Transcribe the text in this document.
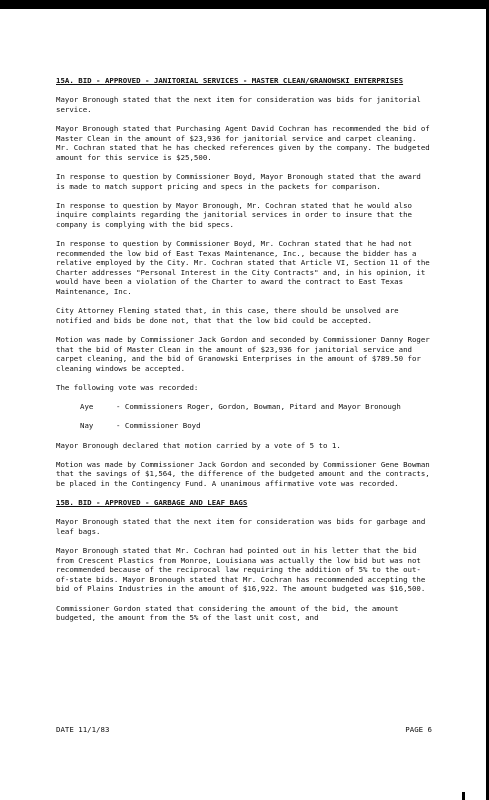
15A. BID - APPROVED - JANITORIAL SERVICES - MASTER CLEAN/GRANOWSKI ENTERPRISES

Mayor Bronough stated that the next item for consideration was bids for janitorial service.

Mayor Bronough stated that Purchasing Agent David Cochran has recommended the bid of Master Clean in the amount of $23,936 for janitorial service and carpet cleaning. Mr. Cochran stated that he has checked references given by the company. The budgeted amount for this service is $25,500.

In response to question by Commissioner Boyd, Mayor Bronough stated that the award is made to match support pricing and specs in the packets for comparison.

In response to question by Mayor Bronough, Mr. Cochran stated that he would also inquire complaints regarding the janitorial services in order to insure that the company is complying with the bid specs.

In response to question by Commissioner Boyd, Mr. Cochran stated that he had not recommended the low bid of East Texas Maintenance, Inc., because the bidder has a relative employed by the City. Mr. Cochran stated that Article VI, Section 11 of the Charter addresses "Personal Interest in the City Contracts" and, in his opinion, it would have been a violation of the Charter to award the contract to East Texas Maintenance, Inc.

City Attorney Fleming stated that, in this case, there should be unsolved are notified and bids be done not, that that the low bid could be accepted.

Motion was made by Commissioner Jack Gordon and seconded by Commissioner Danny Roger that the bid of Master Clean in the amount of $23,936 for janitorial service and carpet cleaning, and the bid of Granowski Enterprises in the amount of $789.50 for cleaning windows be accepted.

The following vote was recorded:

Aye	- Commissioners Roger, Gordon, Bowman, Pitard and Mayor Bronough
Nay	- Commissioner Boyd

Mayor Bronough declared that motion carried by a vote of 5 to 1.

Motion was made by Commissioner Jack Gordon and seconded by Commissioner Gene Bowman that the savings of $1,564, the difference of the budgeted amount and the contracts, be placed in the Contingency Fund. A unanimous affirmative vote was recorded.

15B. BID - APPROVED - GARBAGE AND LEAF BAGS

Mayor Bronough stated that the next item for consideration was bids for garbage and leaf bags.

Mayor Bronough stated that Mr. Cochran had pointed out in his letter that the bid from Crescent Plastics from Monroe, Louisiana was actually the low bid but was not recommended because of the reciprocal law requiring the addition of 5% to the out-of-state bids. Mayor Bronough stated that Mr. Cochran has recommended accepting the bid of Plains Industries in the amount of $16,922. The amount budgeted was $16,500.

Commissioner Gordon stated that considering the amount of the bid, the amount budgeted, the amount from the 5% of the last unit cost, and

DATE 11/1/83	PAGE 6
